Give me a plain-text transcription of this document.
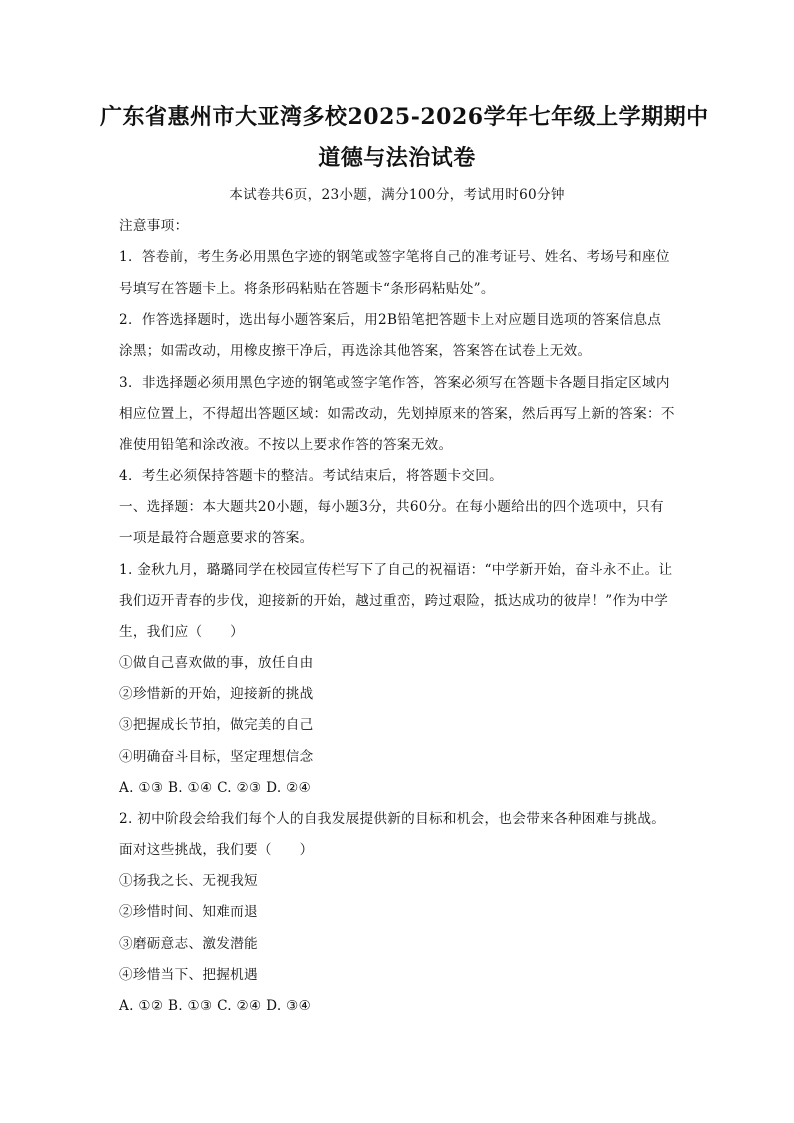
广东省惠州市大亚湾多校2025-2026学年七年级上学期期中
道德与法治试卷
本试卷共6页，23小题，满分100分，考试用时60分钟
注意事项：
1．答卷前，考生务必用黑色字迹的钢笔或签字笔将自己的准考证号、姓名、考场号和座位
号填写在答题卡上。将条形码粘贴在答题卡“条形码粘贴处”。
2．作答选择题时，选出每小题答案后，用2B铅笔把答题卡上对应题目选项的答案信息点
涂黑；如需改动，用橡皮擦干净后，再选涂其他答案，答案答在试卷上无效。
3．非选择题必须用黑色字迹的钢笔或签字笔作答，答案必须写在答题卡各题目指定区域内
相应位置上，不得超出答题区域：如需改动，先划掉原来的答案，然后再写上新的答案：不
准使用铅笔和涂改液。不按以上要求作答的答案无效。
4．考生必须保持答题卡的整洁。考试结束后，将答题卡交回。
一、选择题：本大题共20小题，每小题3分，共60分。在每小题给出的四个选项中，只有
一项是最符合题意要求的答案。
1. 金秋九月，璐璐同学在校园宣传栏写下了自己的祝福语：“中学新开始，奋斗永不止。让
我们迈开青春的步伐，迎接新的开始，越过重峦，跨过艰险，抵达成功的彼岸！”作为中学
生，我们应（　　）
①做自己喜欢做的事，放任自由
②珍惜新的开始，迎接新的挑战
③把握成长节拍，做完美的自己
④明确奋斗目标，坚定理想信念
A. ①③ B. ①④ C. ②③ D. ②④
2. 初中阶段会给我们每个人的自我发展提供新的目标和机会，也会带来各种困难与挑战。
面对这些挑战，我们要（　　）
①扬我之长、无视我短
②珍惜时间、知难而退
③磨砺意志、激发潜能
④珍惜当下、把握机遇
A. ①② B. ①③ C. ②④ D. ③④
